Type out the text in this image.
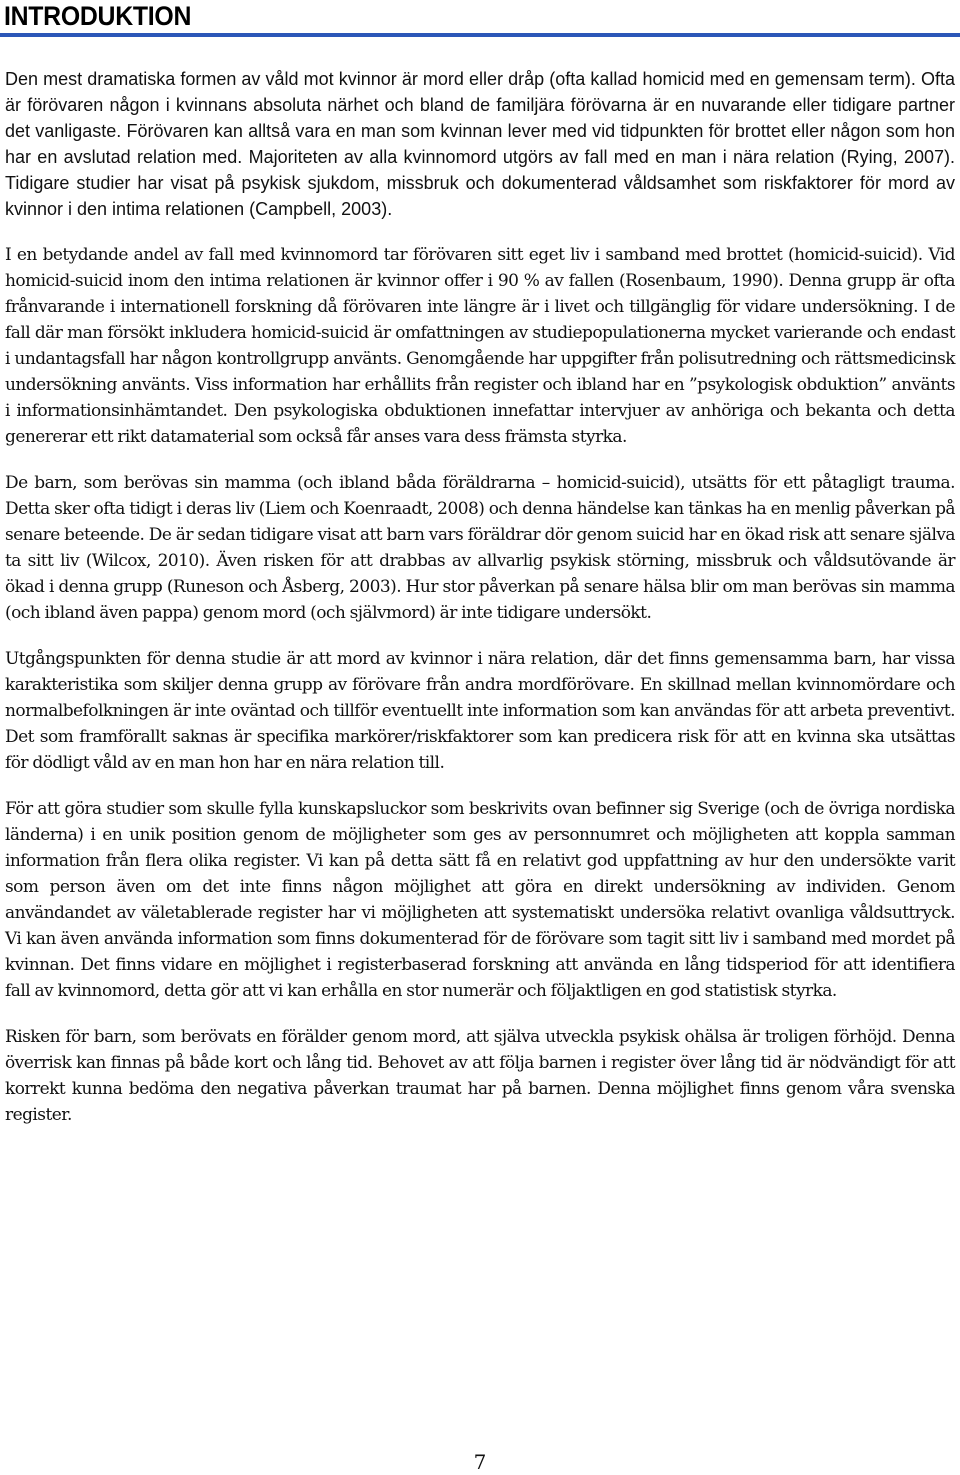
INTRODUKTION

Den mest dramatiska formen av våld mot kvinnor är mord eller dråp (ofta kallad homicid med en gemensam term). Ofta är förövaren någon i kvinnans absoluta närhet och bland de familjära förövarna är en nuvarande eller tidigare partner det vanligaste. Förövaren kan alltså vara en man som kvinnan lever med vid tidpunkten för brottet eller någon som hon har en avslutad relation med. Majoriteten av alla kvinnomord utgörs av fall med en man i nära relation (Rying, 2007). Tidigare studier har visat på psykisk sjukdom, missbruk och dokumenterad våldsamhet som riskfaktorer för mord av kvinnor i den intima relationen (Campbell, 2003).

I en betydande andel av fall med kvinnomord tar förövaren sitt eget liv i samband med brottet (homicid-suicid). Vid homicid-suicid inom den intima relationen är kvinnor offer i 90 % av fallen (Rosenbaum, 1990). Denna grupp är ofta frånvarande i internationell forskning då förövaren inte längre är i livet och tillgänglig för vidare undersökning. I de fall där man försökt inkludera homicid-suicid är omfattningen av studiepopulationerna mycket varierande och endast i undantagsfall har någon kontrollgrupp använts. Genomgående har uppgifter från polisutredning och rättsmedicinsk undersökning använts. Viss information har erhållits från register och ibland har en ”psykologisk obduktion” använts i informationsinhämtandet. Den psykologiska obduktionen innefattar intervjuer av anhöriga och bekanta och detta genererar ett rikt datamaterial som också får anses vara dess främsta styrka.

De barn, som berövas sin mamma (och ibland båda föräldrarna – homicid-suicid), utsätts för ett påtagligt trauma. Detta sker ofta tidigt i deras liv (Liem och Koenraadt, 2008) och denna händelse kan tänkas ha en menlig påverkan på senare beteende. De är sedan tidigare visat att barn vars föräldrar dör genom suicid har en ökad risk att senare själva ta sitt liv (Wilcox, 2010). Även risken för att drabbas av allvarlig psykisk störning, missbruk och våldsutövande är ökad i denna grupp (Runeson och Åsberg, 2003). Hur stor påverkan på senare hälsa blir om man berövas sin mamma (och ibland även pappa) genom mord (och självmord) är inte tidigare undersökt.

Utgångspunkten för denna studie är att mord av kvinnor i nära relation, där det finns gemensamma barn, har vissa karakteristika som skiljer denna grupp av förövare från andra mordförövare. En skillnad mellan kvinnomördare och normalbefolkningen är inte oväntad och tillför eventuellt inte information som kan användas för att arbeta preventivt. Det som framförallt saknas är specifika markörer/riskfaktorer som kan predicera risk för att en kvinna ska utsättas för dödligt våld av en man hon har en nära relation till.

För att göra studier som skulle fylla kunskapsluckor som beskrivits ovan befinner sig Sverige (och de övriga nordiska länderna) i en unik position genom de möjligheter som ges av personnumret och möjligheten att koppla samman information från flera olika register. Vi kan på detta sätt få en relativt god uppfattning av hur den undersökte varit som person även om det inte finns någon möjlighet att göra en direkt undersökning av individen. Genom användandet av väletablerade register har vi möjligheten att systematiskt undersöka relativt ovanliga våldsuttryck. Vi kan även använda information som finns dokumenterad för de förövare som tagit sitt liv i samband med mordet på kvinnan. Det finns vidare en möjlighet i registerbaserad forskning att använda en lång tidsperiod för att identifiera fall av kvinnomord, detta gör att vi kan erhålla en stor numerär och följaktligen en god statistisk styrka.

Risken för barn, som berövats en förälder genom mord, att själva utveckla psykisk ohälsa är troligen förhöjd. Denna överrisk kan finnas på både kort och lång tid. Behovet av att följa barnen i register över lång tid är nödvändigt för att korrekt kunna bedöma den negativa påverkan traumat har på barnen. Denna möjlighet finns genom våra svenska register.

7
